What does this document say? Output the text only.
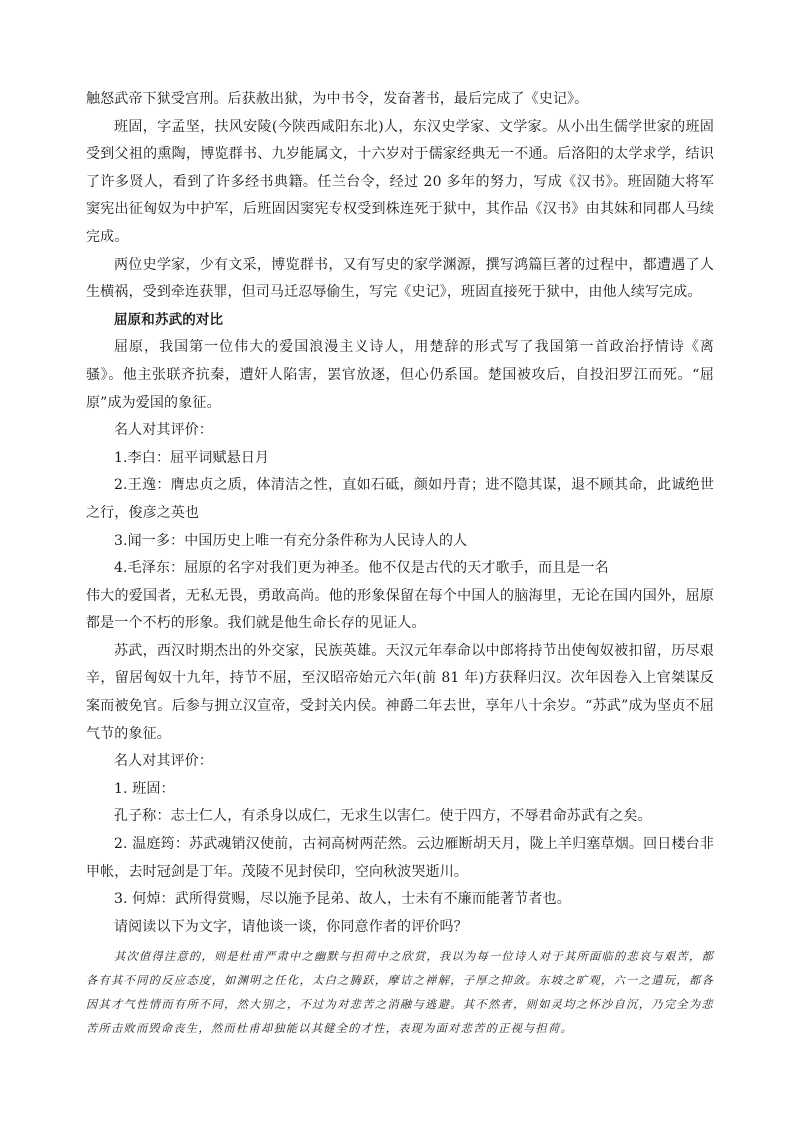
触怒武帝下狱受宫刑。后获赦出狱，为中书令，发奋著书，最后完成了《史记》。

班固，字孟坚，扶风安陵(今陕西咸阳东北)人，东汉史学家、文学家。从小出生儒学世家的班固受到父祖的熏陶，博览群书、九岁能属文，十六岁对于儒家经典无一不通。后洛阳的太学求学，结识了许多贤人，看到了许多经书典籍。任兰台令，经过 20 多年的努力，写成《汉书》。班固随大将军窦宪出征匈奴为中护军，后班固因窦宪专权受到株连死于狱中，其作品《汉书》由其妹和同郡人马续完成。

两位史学家，少有文采，博览群书，又有写史的家学渊源，撰写鸿篇巨著的过程中，都遭遇了人生横祸，受到牵连获罪，但司马迁忍辱偷生，写完《史记》，班固直接死于狱中，由他人续写完成。

屈原和苏武的对比

屈原，我国第一位伟大的爱国浪漫主义诗人，用楚辞的形式写了我国第一首政治抒情诗《离骚》。他主张联齐抗秦，遭奸人陷害，罢官放逐，但心仍系国。楚国被攻后，自投汨罗江而死。“屈原”成为爱国的象征。

名人对其评价：

1.李白：屈平词赋悬日月

2.王逸：膺忠贞之质，体清洁之性，直如石砥，颜如丹青；进不隐其谋，退不顾其命，此诚绝世之行，俊彦之英也

3.闻一多：中国历史上唯一有充分条件称为人民诗人的人

4.毛泽东：屈原的名字对我们更为神圣。他不仅是古代的天才歌手，而且是一名

伟大的爱国者，无私无畏，勇敢高尚。他的形象保留在每个中国人的脑海里，无论在国内国外，屈原都是一个不朽的形象。我们就是他生命长存的见证人。

苏武，西汉时期杰出的外交家，民族英雄。天汉元年奉命以中郎将持节出使匈奴被扣留，历尽艰辛，留居匈奴十九年，持节不屈，至汉昭帝始元六年(前 81 年)方获释归汉。次年因卷入上官桀谋反案而被免官。后参与拥立汉宣帝，受封关内侯。神爵二年去世，享年八十余岁。“苏武”成为坚贞不屈气节的象征。

名人对其评价：

1. 班固：

孔子称：志士仁人，有杀身以成仁，无求生以害仁。使于四方，不辱君命苏武有之矣。

2. 温庭筠：苏武魂销汉使前，古祠高树两茫然。云边雁断胡天月，陇上羊归塞草烟。回日楼台非甲帐，去时冠剑是丁年。茂陵不见封侯印，空向秋波哭逝川。

3. 何焯：武所得赏赐，尽以施予昆弟、故人，士未有不廉而能著节者也。

请阅读以下为文字，请他谈一谈，你同意作者的评价吗？

其次值得注意的，则是杜甫严肃中之幽默与担荷中之欣赏，我以为每一位诗人对于其所面临的悲哀与艰苦，都各有其不同的反应态度，如渊明之任化，太白之腾跃，摩诘之禅解，子厚之抑敛。东坡之旷观，六一之遣玩，都各因其才气性情而有所不同，然大别之，不过为对悲苦之消融与逃避。其不然者，则如灵均之怀沙自沉，乃完全为悲苦所击败而毁命丧生，然而杜甫却独能以其健全的才性，表现为面对悲苦的正视与担荷。
